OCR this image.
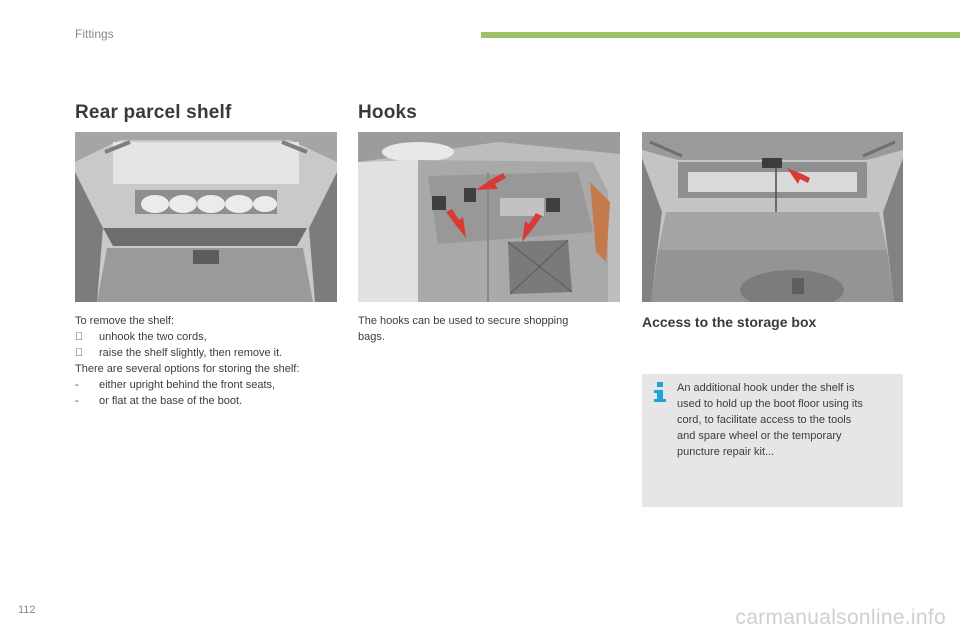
Fittings
Rear parcel shelf
To remove the shelf:
unhook the two cords,
raise the shelf slightly, then remove it.
There are several options for storing the shelf:
-	either upright behind the front seats,
-	or flat at the base of the boot.
Hooks
The hooks can be used to secure shopping
bags.
Access to the storage box
An additional hook under the shelf is
used to hold up the boot floor using its
cord, to facilitate access to the tools
and spare wheel or the temporary
puncture repair kit...
112	carmanualsonline.info
